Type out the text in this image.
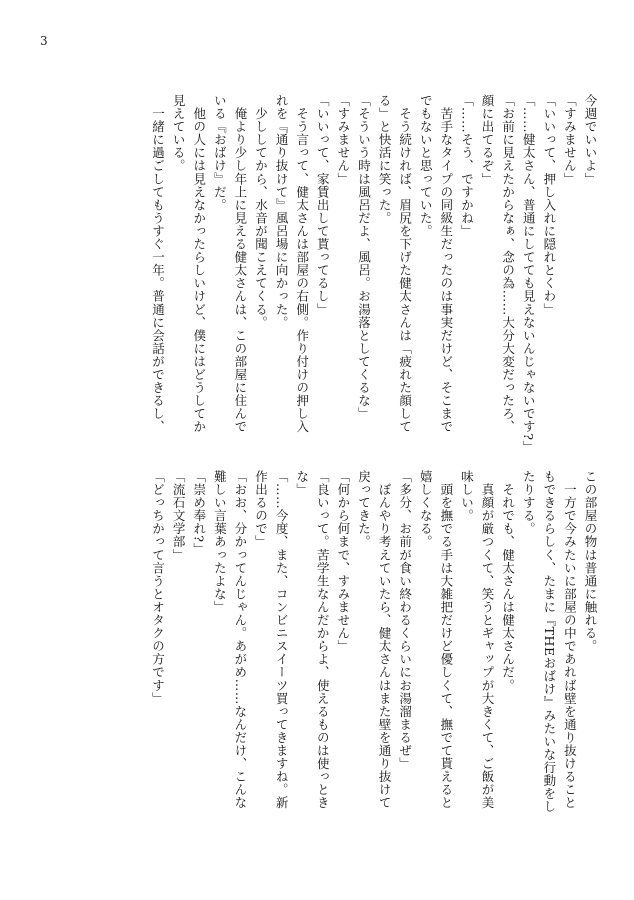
3
今週でいいよ」
「すみません」
「いいって、押し入れに隠れとくわ」
「……健太さん、普通にしてても見えないんじゃないです?」
「お前に見えたからなぁ、念の為……大分大変だったろ、
顔に出てるぞ」
「……そう、ですかね」
　苦手なタイプの同級生だったのは事実だけど、そこまで
でもないと思っていた。
　そう続ければ、眉尻を下げた健太さんは「疲れた顔して
る」と快活に笑った。
「そういう時は風呂だよ、風呂。お湯落としてくるな」
「すみません」
「いいって、家賃出して貰ってるし」
　そう言って、健太さんは部屋の右側。作り付けの押し入
れを『通り抜けて』風呂場に向かった。
　少ししてから、水音が聞こえてくる。
　俺より少し年上に見える健太さんは、この部屋に住んで
いる『おばけ』だ。
　他の人には見えなかったらしいけど、僕にはどうしてか
見えている。
　一緒に過ごしてもうすぐ一年。普通に会話ができるし、
この部屋の物は普通に触れる。
　一方で今みたいに部屋の中であれば壁を通り抜けること
もできるらしく、たまに『THEおばけ』みたいな行動をし
たりする。
　それでも、健太さんは健太さんだ。
　真顔が厳つくて、笑うとギャップが大きくて、ご飯が美
味しい。
　頭を撫でる手は大雑把だけど優しくて、撫でて貰えると
嬉しくなる。
「多分、お前が食い終わるくらいにお湯溜まるぜ」
　ぼんやり考えていたら、健太さんはまた壁を通り抜けて
戻ってきた。
「何から何まで、すみません」
「良いって。苦学生なんだからよ、使えるものは使っとき
な」
「……今度、また、コンビニスイーツ買ってきますね。新
作出るので」
「おお、分かってんじゃん。あがめ……なんだけ、こんな
難しい言葉あったよな」
「崇め奉れ?」
「流石文学部」
「どっちかって言うとオタクの方です」
